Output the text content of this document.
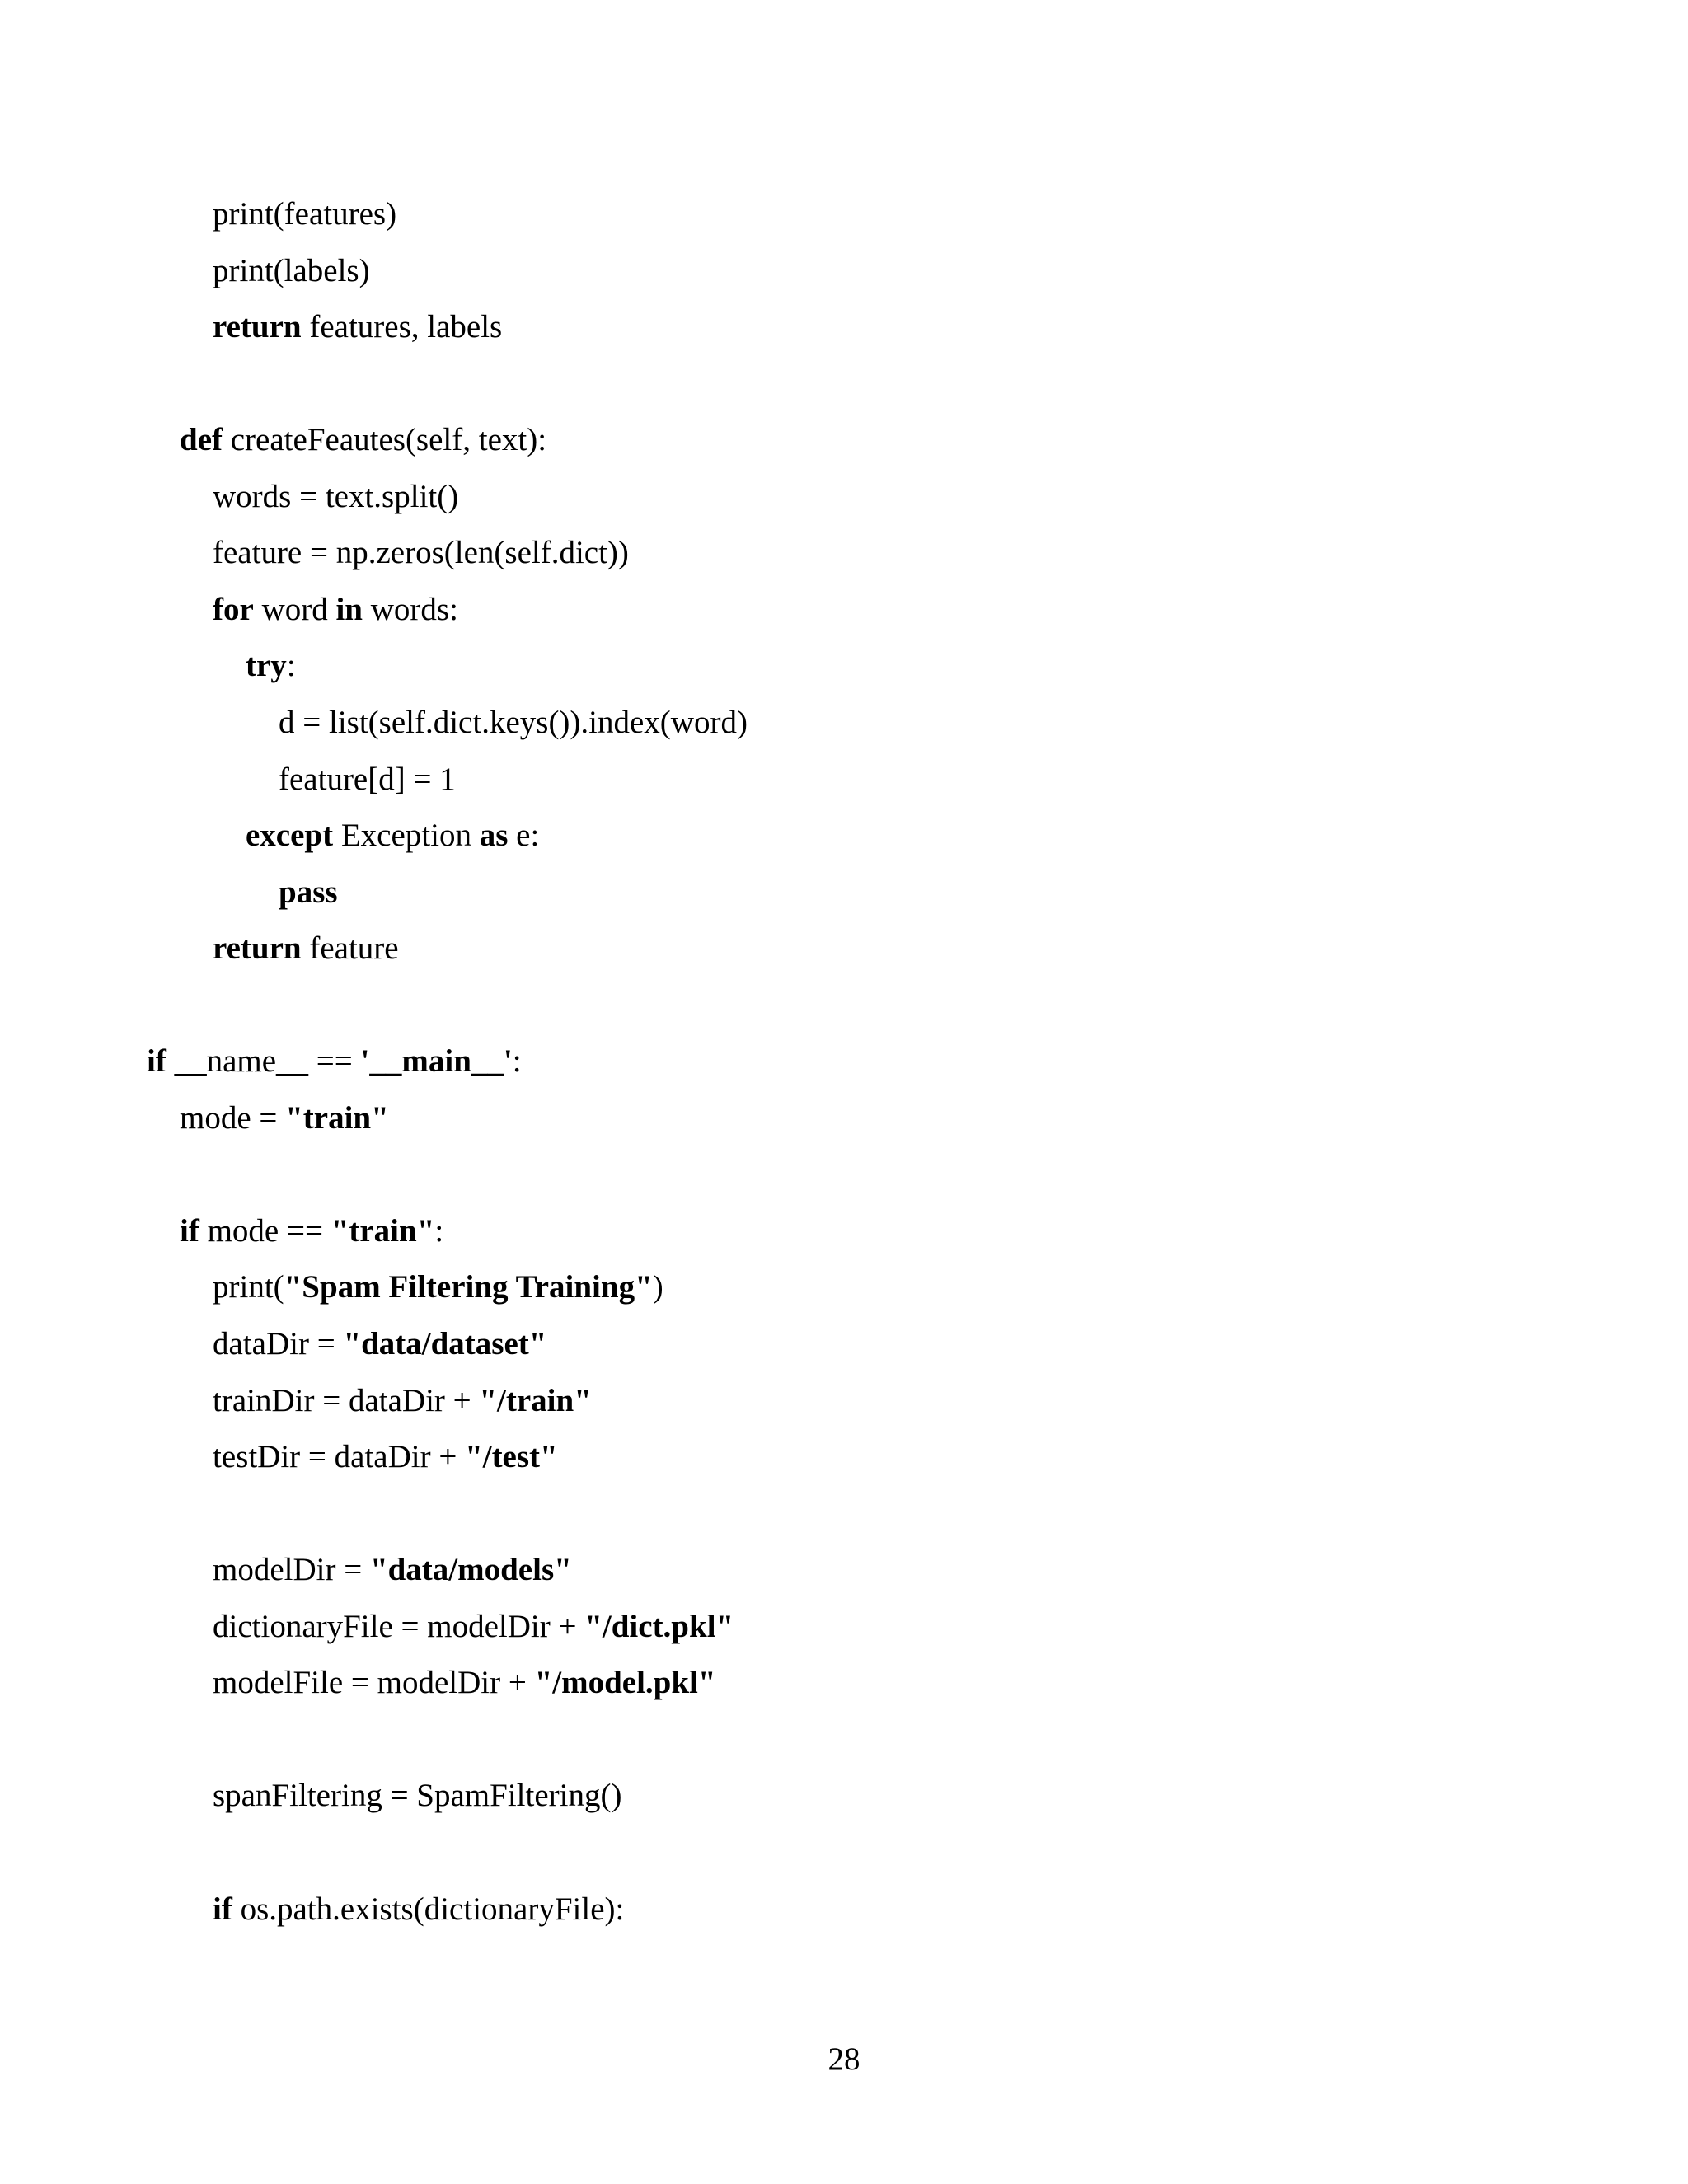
print(features)
print(labels)
return features, labels
def createFeautes(self, text):
words = text.split()
feature = np.zeros(len(self.dict))
for word in words:
try:
d = list(self.dict.keys()).index(word)
feature[d] = 1
except Exception as e:
pass
return feature
if __name__ == '__main__':
mode = "train"
if mode == "train":
print("Spam Filtering Training")
dataDir = "data/dataset"
trainDir = dataDir + "/train"
testDir = dataDir + "/test"
modelDir = "data/models"
dictionaryFile = modelDir + "/dict.pkl"
modelFile = modelDir + "/model.pkl"
spanFiltering = SpamFiltering()
if os.path.exists(dictionaryFile):
28
